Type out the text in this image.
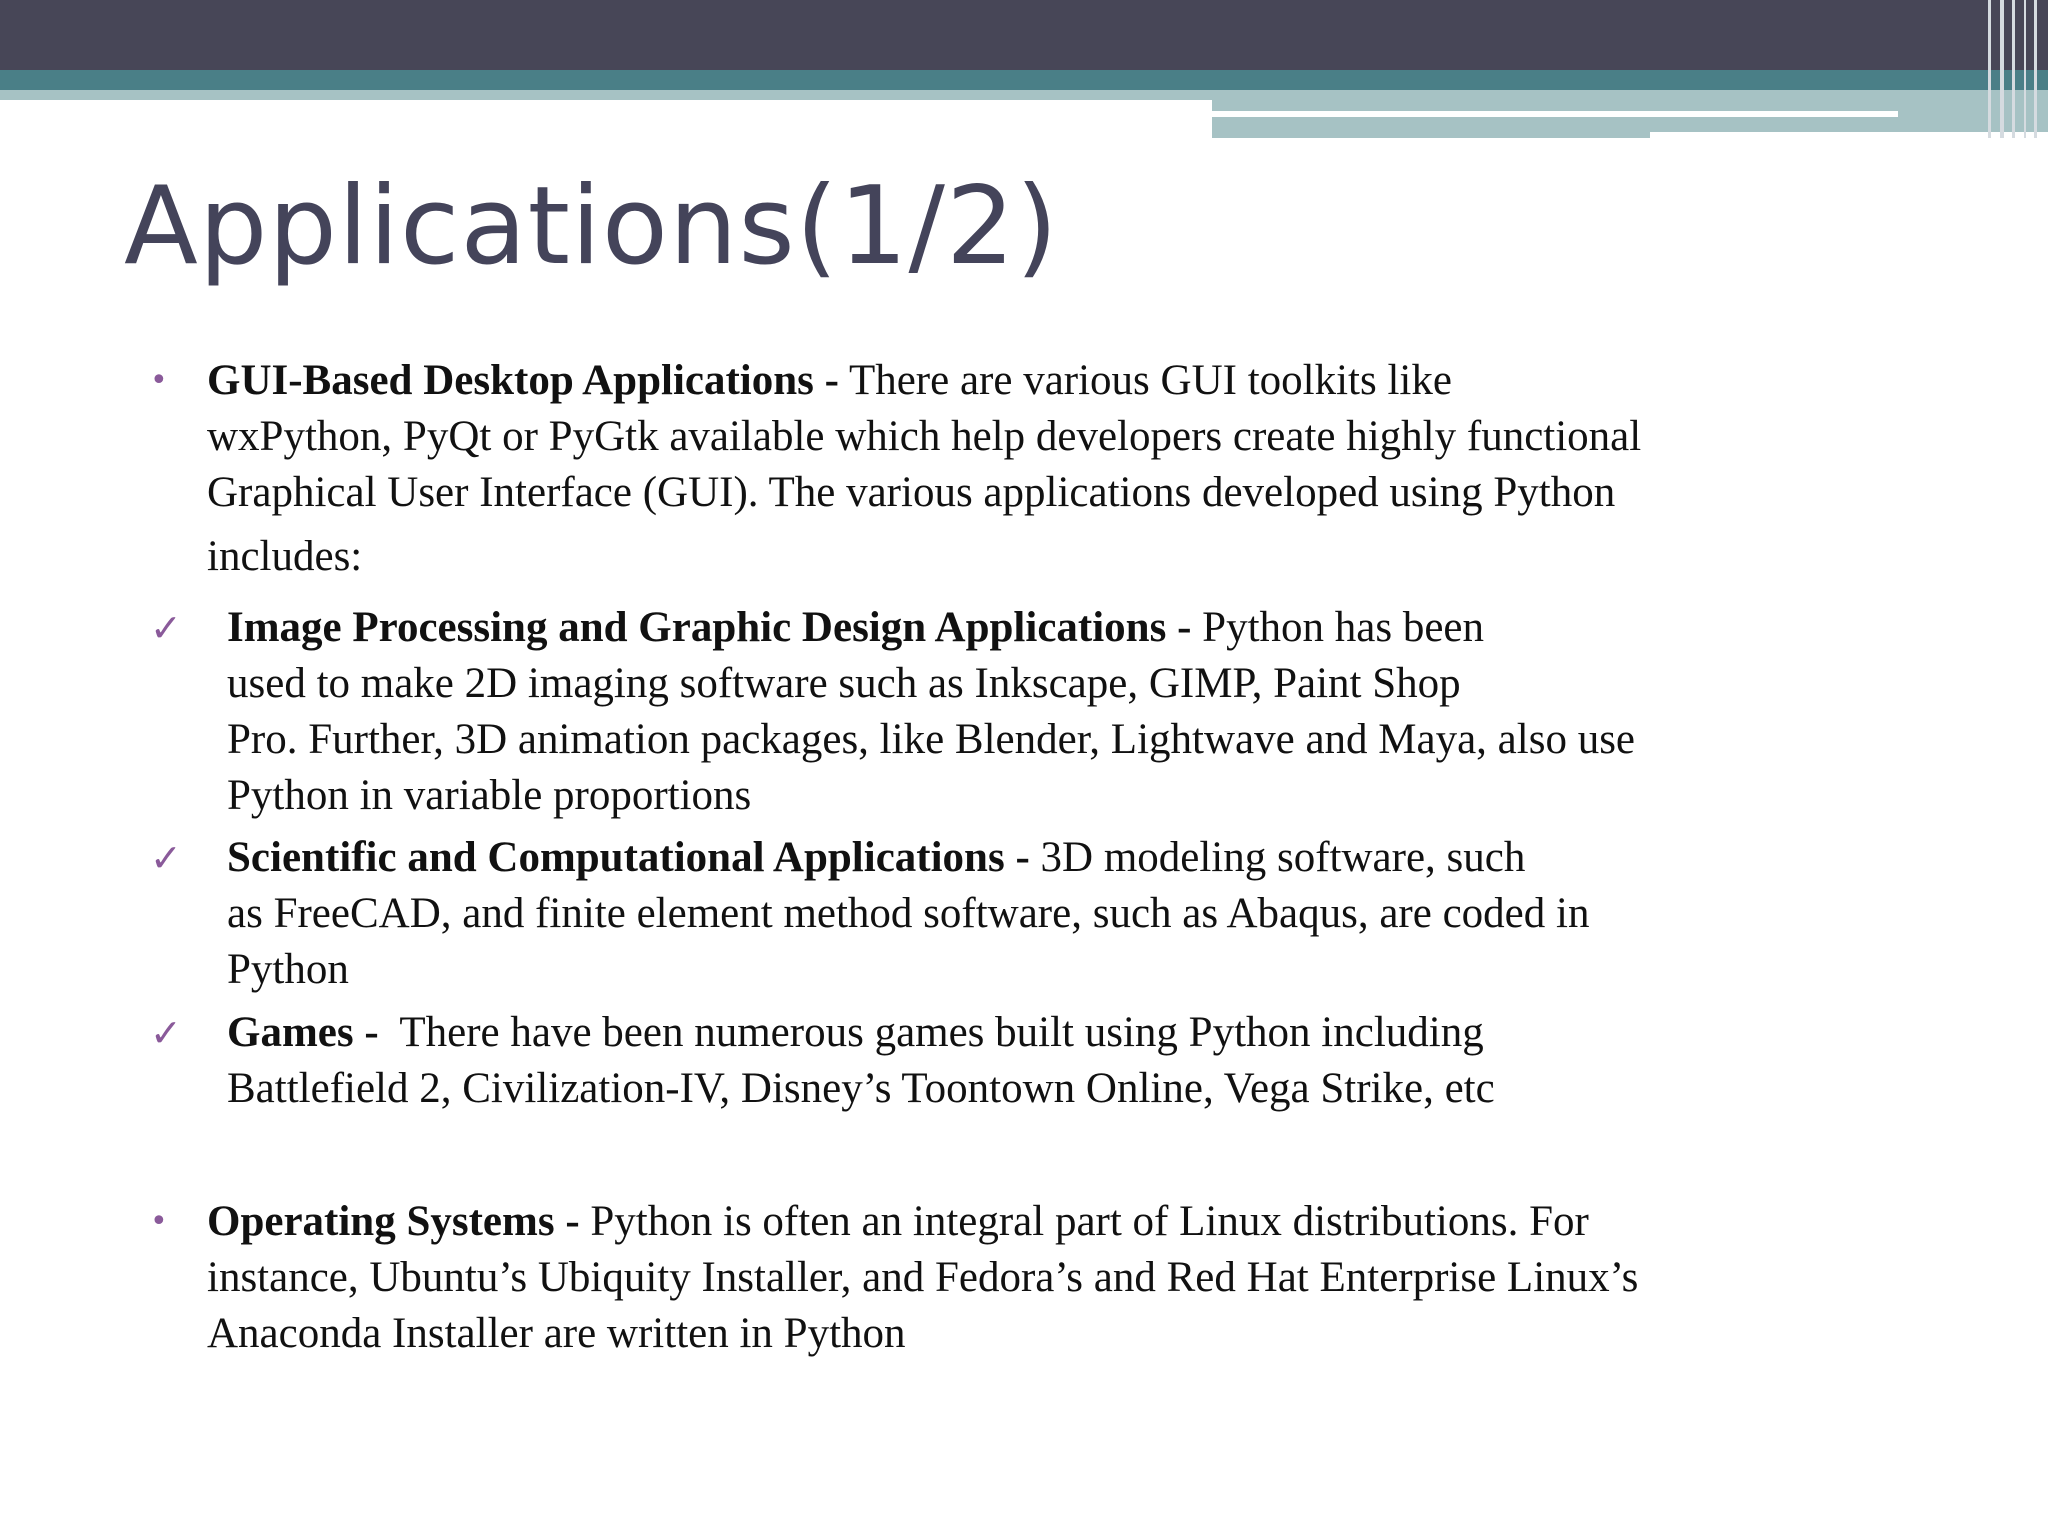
Applications(1/2)
• GUI-Based Desktop Applications - There are various GUI toolkits like
wxPython, PyQt or PyGtk available which help developers create highly functional
Graphical User Interface (GUI). The various applications developed using Python
includes:
✓ Image Processing and Graphic Design Applications - Python has been
used to make 2D imaging software such as Inkscape, GIMP, Paint Shop
Pro. Further, 3D animation packages, like Blender, Lightwave and Maya, also use
Python in variable proportions
✓ Scientific and Computational Applications - 3D modeling software, such
as FreeCAD, and finite element method software, such as Abaqus, are coded in
Python
✓ Games -  There have been numerous games built using Python including
Battlefield 2, Civilization-IV, Disney’s Toontown Online, Vega Strike, etc
• Operating Systems - Python is often an integral part of Linux distributions. For
instance, Ubuntu’s Ubiquity Installer, and Fedora’s and Red Hat Enterprise Linux’s
Anaconda Installer are written in Python
